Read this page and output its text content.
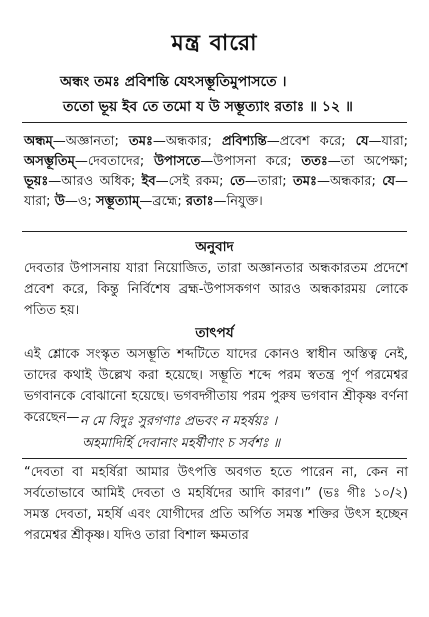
মন্ত্র বারো
অন্ধং তমঃ প্রবিশন্তি যেঽসম্ভূতিমুপাসতে ।
ততো ভূয় ইব তে তমো য উ সম্ভূত্যাং রতাঃ ॥ ১২ ॥
অন্ধম্—অজ্ঞানতা; তমঃ—অন্ধকার; প্রবিশ্যন্তি—প্রবেশ করে; যে—যারা; অসম্ভূতিম্—দেবতাদের; উপাসতে—উপাসনা করে; ততঃ—তা অপেক্ষা; ভূয়ঃ—আরও অধিক; ইব—সেই রকম; তে—তারা; তমঃ—অন্ধকার; যে—যারা; উ—ও; সম্ভূত্যাম্—ব্রহ্মে; রতাঃ—নিযুক্ত।
অনুবাদ
দেবতার উপাসনায় যারা নিয়োজিত, তারা অজ্ঞানতার অন্ধকারতম প্রদেশে প্রবেশ করে, কিন্তু নির্বিশেষ ব্রহ্ম-উপাসকগণ আরও অন্ধকারময় লোকে পতিত হয়।
তাৎপর্য
এই শ্লোকে সংস্কৃত অসম্ভূতি শব্দটিতে যাদের কোনও স্বাধীন অস্তিত্ব নেই, তাদের কথাই উল্লেখ করা হয়েছে। সম্ভূতি শব্দে পরম স্বতন্ত্র পূর্ণ পরমেশ্বর ভগবানকে বোঝানো হয়েছে। ভগবদ্গীতায় পরম পুরুষ ভগবান শ্রীকৃষ্ণ বর্ণনা করেছেন— ন মে বিদুঃ সুরগণাঃ প্রভবং ন মহর্ষয়ঃ ।
অহমাদির্হি দেবানাং মহর্ষীণাং চ সর্বশঃ ॥
“দেবতা বা মহর্ষিরা আমার উৎপত্তি অবগত হতে পারেন না, কেন না সর্বতোভাবে আমিই দেবতা ও মহর্ষিদের আদি কারণ।” (ভঃ গীঃ ১০/২) সমস্ত দেবতা, মহর্ষি এবং যোগীদের প্রতি অর্পিত সমস্ত শক্তির উৎস হচ্ছেন পরমেশ্বর শ্রীকৃষ্ণ। যদিও তারা বিশাল ক্ষমতার
